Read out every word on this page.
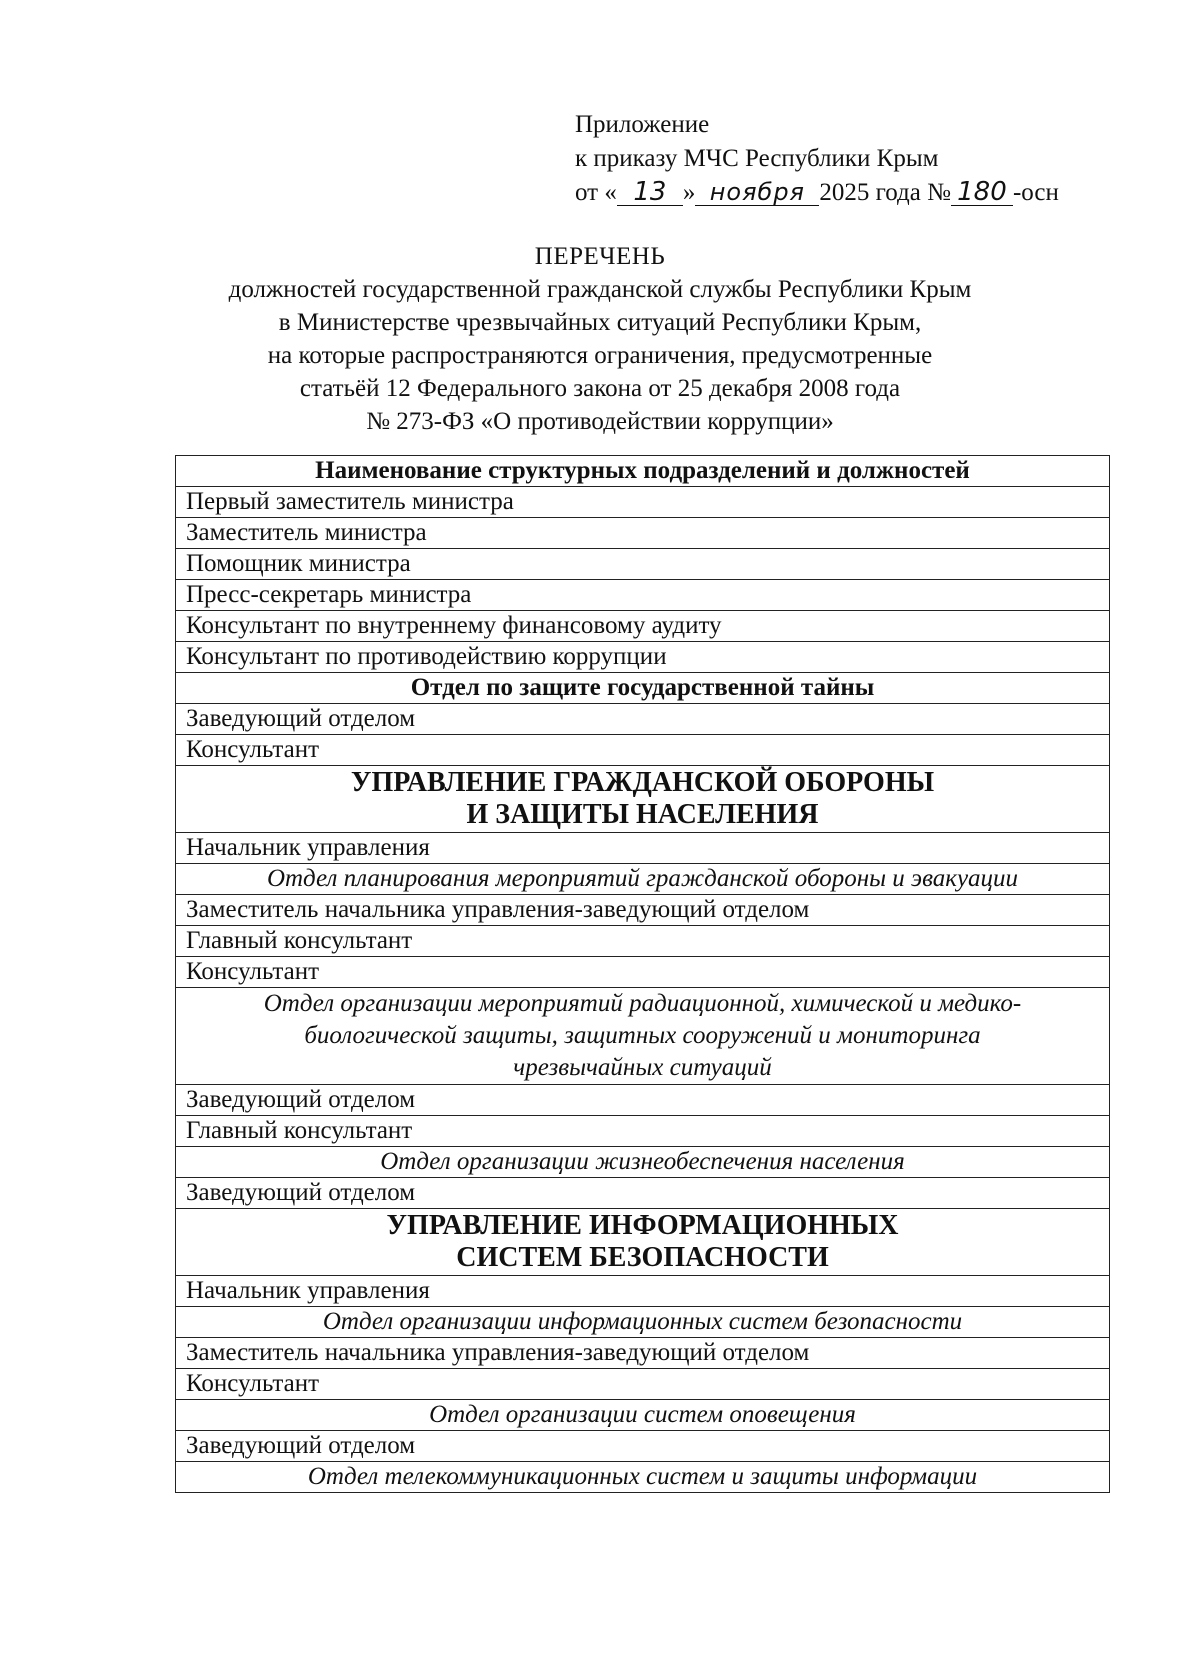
Приложение
к приказу МЧС Республики Крым
от « 13 » ноября 2025 года № 180 -осн
ПЕРЕЧЕНЬ
должностей государственной гражданской службы Республики Крым
в Министерстве чрезвычайных ситуаций Республики Крым,
на которые распространяются ограничения, предусмотренные
статьёй 12 Федерального закона от 25 декабря 2008 года
№ 273-ФЗ «О противодействии коррупции»
Наименование структурных подразделений и должностей
Первый заместитель министра
Заместитель министра
Помощник министра
Пресс-секретарь министра
Консультант по внутреннему финансовому аудиту
Консультант по противодействию коррупции
Отдел по защите государственной тайны
Заведующий отделом
Консультант

УПРАВЛЕНИЕ ГРАЖДАНСКОЙ ОБОРОНЫ
И ЗАЩИТЫ НАСЕЛЕНИЯ

Начальник управления

Отдел планирования мероприятий гражданской обороны и эвакуации

Заместитель начальника управления-заведующий отделом
Главный консультант
Консультант

Отдел организации мероприятий радиационной, химической и медико-
биологической защиты, защитных сооружений и мониторинга
чрезвычайных ситуаций

Заведующий отделом
Главный консультант

Отдел организации жизнеобеспечения населения

Заведующий отделом

УПРАВЛЕНИЕ ИНФОРМАЦИОННЫХ
СИСТЕМ БЕЗОПАСНОСТИ

Начальник управления

Отдел организации информационных систем безопасности

Заместитель начальника управления-заведующий отделом
Консультант

Отдел организации систем оповещения

Заведующий отделом

Отдел телекоммуникационных систем и защиты информации
